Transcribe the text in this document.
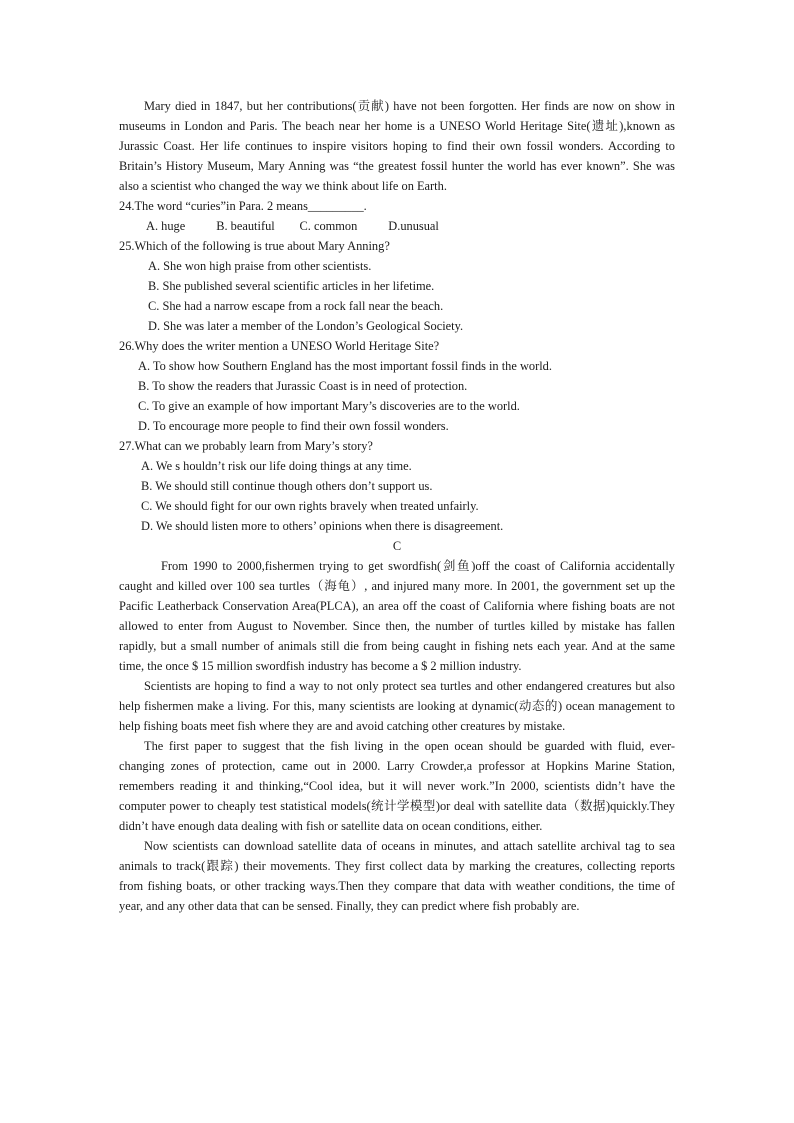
Mary died in 1847, but her contributions(贡献) have not been forgotten. Her finds are now on show in museums in London and Paris. The beach near her home is a UNESO World Heritage Site(遗址),known as Jurassic Coast. Her life continues to inspire visitors hoping to find their own fossil wonders. According to Britain’s History Museum, Mary Anning was “the greatest fossil hunter the world has ever known”. She was also a scientist who changed the way we think about life on Earth.

24.The word “curies”in Para. 2 means_________.

A. huge          B. beautiful        C. common          D.unusual

25.Which of the following is true about Mary Anning?

A. She won high praise from other scientists.

B. She published several scientific articles in her lifetime.

C. She had a narrow escape from a rock fall near the beach.

D. She was later a member of the London’s Geological Society.

26.Why does the writer mention a UNESO World Heritage Site?

A. To show how Southern England has the most important fossil finds in the world.

B. To show the readers that Jurassic Coast is in need of protection.

C. To give an example of how important Mary’s discoveries are to the world.

D. To encourage more people to find their own fossil wonders.

27.What can we probably learn from Mary’s story?

A. We s houldn’t risk our life doing things at any time.

B. We should still continue though others don’t support us.

C. We should fight for our own rights bravely when treated unfairly.

D. We should listen more to others’ opinions when there is disagreement.

C

From 1990 to 2000,fishermen trying to get swordfish(剑鱼)off the coast of California accidentally caught and killed over 100 sea turtles（海龟）, and injured many more. In 2001, the government set up the Pacific Leatherback Conservation Area(PLCA), an area off the coast of California where fishing boats are not allowed to enter from August to November. Since then, the number of turtles killed by mistake has fallen rapidly, but a small number of animals still die from being caught in fishing nets each year. And at the same time, the once $ 15 million swordfish industry has become a $ 2 million industry.

Scientists are hoping to find a way to not only protect sea turtles and other endangered creatures but also help fishermen make a living. For this, many scientists are looking at dynamic(动态的) ocean management to help fishing boats meet fish where they are and avoid catching other creatures by mistake.

The first paper to suggest that the fish living in the open ocean should be guarded with fluid, ever-changing zones of protection, came out in 2000. Larry Crowder,a professor at Hopkins Marine Station, remembers reading it and thinking,“Cool idea, but it will never work.”In 2000, scientists didn’t have the computer power to cheaply test statistical models(统计学模型)or deal with satellite data（数据)quickly.They didn’t have enough data dealing with fish or satellite data on ocean conditions, either.

Now scientists can download satellite data of oceans in minutes, and attach satellite archival tag to sea animals to track(跟踪) their movements. They first collect data by marking the creatures, collecting reports from fishing boats, or other tracking ways.Then they compare that data with weather conditions, the time of year, and any other data that can be sensed. Finally, they can predict where fish probably are.
